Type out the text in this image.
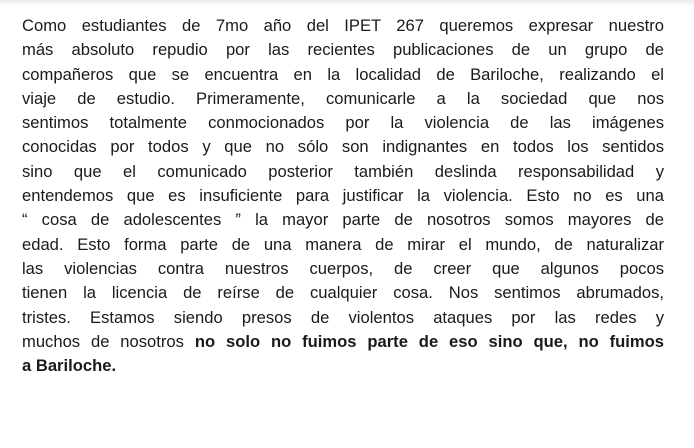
Como estudiantes de 7mo año del IPET 267 queremos expresar nuestro
más absoluto repudio por las recientes publicaciones de un grupo de
compañeros que se encuentra en la localidad de Bariloche, realizando el
viaje de estudio. Primeramente, comunicarle a la sociedad que nos
sentimos totalmente conmocionados por la violencia de las imágenes
conocidas por todos y que no sólo son indignantes en todos los sentidos
sino que el comunicado posterior también deslinda responsabilidad y
entendemos que es insuficiente para justificar la violencia. Esto no es una
“ cosa de adolescentes ” la mayor parte de nosotros somos mayores de
edad. Esto forma parte de una manera de mirar el mundo, de naturalizar
las violencias contra nuestros cuerpos, de creer que algunos pocos
tienen la licencia de reírse de cualquier cosa. Nos sentimos abrumados,
tristes. Estamos siendo presos de violentos ataques por las redes y
muchos de nosotros no solo no fuimos parte de eso sino que, no fuimos
a Bariloche.
